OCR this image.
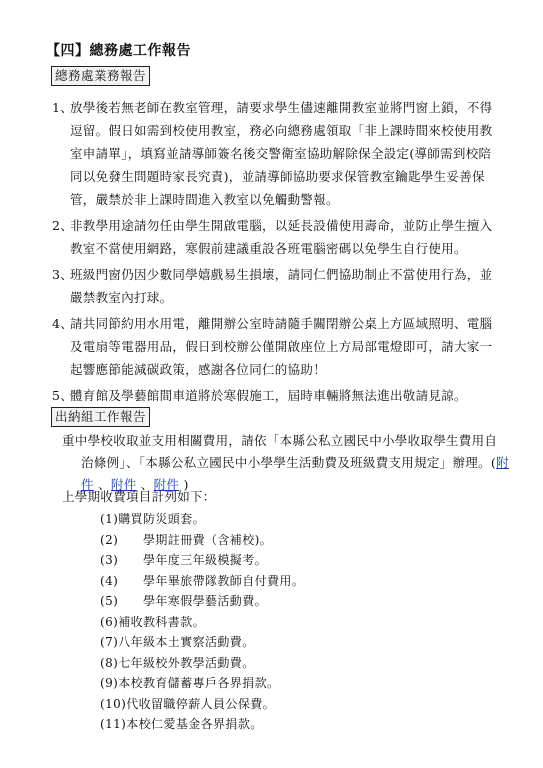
【四】總務處工作報告
總務處業務報告
1、
放學後若無老師在教室管理，請要求學生儘速離開教室並將門窗上鎖，不得
逗留。假日如需到校使用教室，務必向總務處領取「非上課時間來校使用教
室申請單」，填寫並請導師簽名後交警衛室協助解除保全設定(導師需到校陪
同以免發生問題時家長究責)，並請導師協助要求保管教室鑰匙學生妥善保
管，嚴禁於非上課時間進入教室以免觸動警報。
2、
非教學用途請勿任由學生開啟電腦，以延長設備使用壽命，並防止學生擅入
教室不當使用網路，寒假前建議重設各班電腦密碼以免學生自行使用。
3、
班級門窗仍因少數同學嬉戲易生損壞，請同仁們協助制止不當使用行為，並
嚴禁教室內打球。
4、
請共同節約用水用電，離開辦公室時請隨手關閉辦公桌上方區域照明、電腦
及電扇等電器用品，假日到校辦公僅開啟座位上方局部電燈即可，請大家一
起響應節能減碳政策，感謝各位同仁的協助！
5、
體育館及學藝館間車道將於寒假施工，屆時車輛將無法進出敬請見諒。
出納組工作報告
重中學校收取並支用相關費用，請依「本縣公私立國民中小學收取學生費用自
治條例」、「本縣公私立國民中小學學生活動費及班級費支用規定」辦理。(附
件 、附件 、附件 )
上學期收費項目計列如下：
(1)購買防災頭套。
(2)　　學期註冊費（含補校)。
(3)　　學年度三年級模擬考。
(4)　　學年畢旅帶隊教師自付費用。
(5)　　學年寒假學藝活動費。
(6)補收教科書款。
(7)八年級本土實察活動費。
(8)七年級校外教學活動費。
(9)本校教育儲蓄專戶各界捐款。
(10)代收留職停薪人員公保費。
(11)本校仁愛基金各界捐款。
